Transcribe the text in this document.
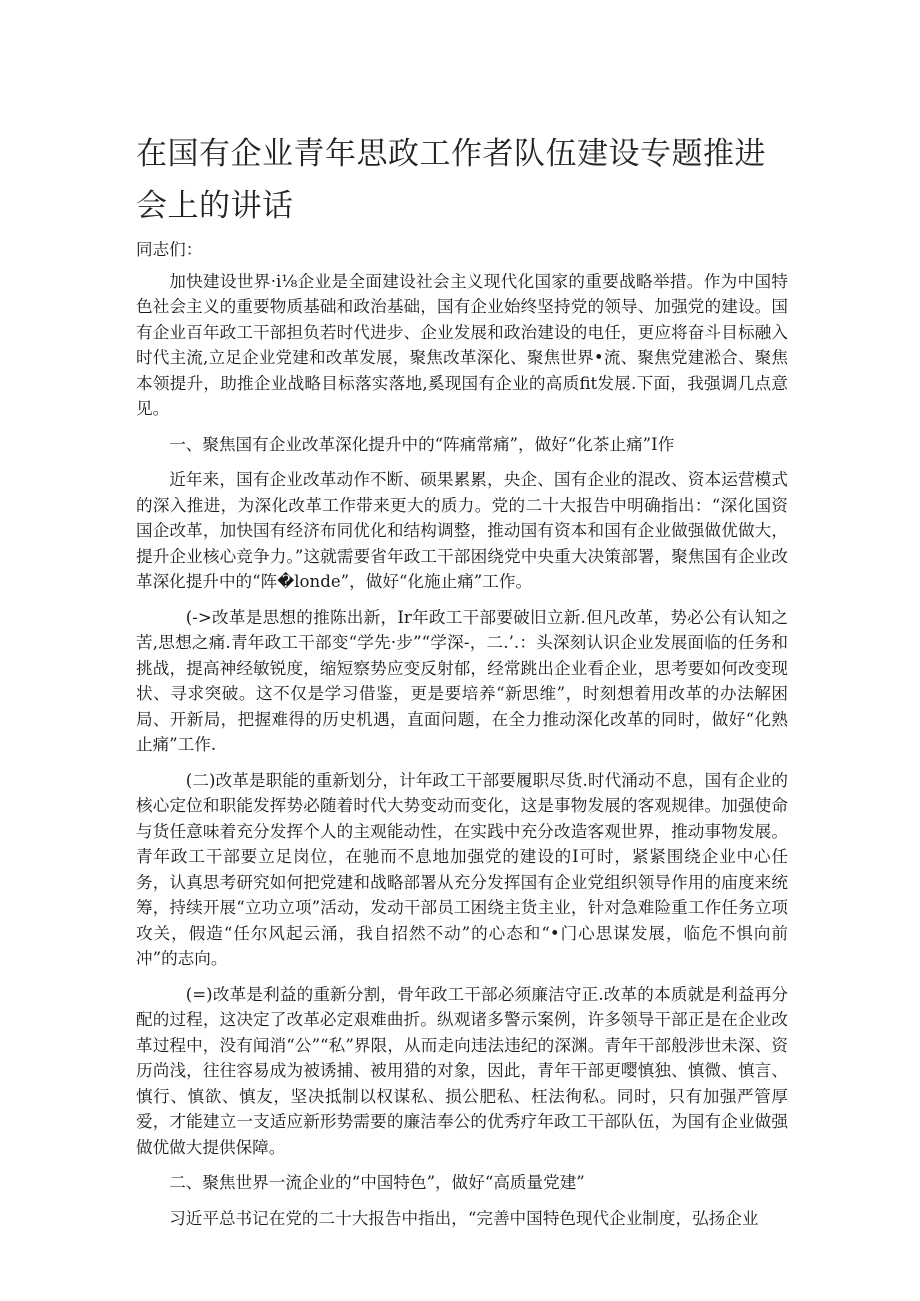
在国有企业青年思政工作者队伍建设专题推进会上的讲话

同志们：

加快建设世界·i⅛企业是全面建设社会主义现代化国家的重要战略举措。作为中国特色社会主义的重要物质基础和政治基础，国有企业始终坚持党的领导、加强党的建设。国有企业百年政工干部担负若时代进步、企业发展和政治建设的电任，更应将奋斗目标融入时代主流,立足企业党建和改革发展，聚焦改革深化、聚焦世界•流、聚焦党建淞合、聚焦本领提升，助推企业战略目标落实落地,奚现国有企业的高质fit发展.下面，我强调几点意见。

一、聚焦国有企业改革深化提升中的“阵痛常痛”，做好“化茶止痛”I作

近年来，国有企业改革动作不断、硕果累累，央企、国有企业的混改、资本运营模式的深入推进，为深化改革工作带来更大的质力。党的二十大报告中明确指出：“深化国资国企改革，加快国有经济布同优化和结构调整，推动国有资本和国有企业做强做优做大，提升企业核心竞争力。”这就需要省年政工干部困绕党中央重大决策部署，聚焦国有企业改革深化提升中的“阵�londe”，做好“化施止痛”工作。

(->改革是思想的推陈出新，Ir年政工干部要破旧立新.但凡改革，势必公有认知之苦,思想之痛.青年政工干部变“学先·步”“学深-，二.’.：头深刻认识企业发展面临的任务和挑战，提高神经敏锐度，缩短察势应变反射郁，经常跳出企业看企业，思考要如何改变现状、寻求突破。这不仅是学习借鉴，更是要培养“新思维”，时刻想着用改革的办法解困局、开新局，把握难得的历史机遇，直面问题，在全力推动深化改革的同时，做好“化熟止痛”工作.

(二)改革是职能的重新划分，计年政工干部要履职尽货.时代涌动不息，国有企业的核心定位和职能发挥势必随着时代大势变动而变化，这是事物发展的客观规律。加强使命与货任意味着充分发挥个人的主观能动性，在实践中充分改造客观世界，推动事物发展。青年政工干部要立足岗位，在驰而不息地加强党的建设的I可时，紧紧围绕企业中心任务，认真思考研究如何把党建和战略部署从充分发挥国有企业党组织领导作用的庙度来统筹，持续开展“立功立项”活动，发动干部员工困绕主货主业，针对急难险重工作任务立项攻关，假造“任尔风起云涌，我自招然不动”的心态和“•门心思谋发展，临危不惧向前冲”的志向。

(=)改革是利益的重新分割，骨年政工干部必须廉洁守正.改革的本质就是利益再分配的过程，这决定了改革必定艰难曲折。纵观诸多警示案例，许多领导干部正是在企业改革过程中，没有闻消“公”“私”界限，从而走向违法违纪的深渊。青年干部般涉世未深、资历尚浅，往往容易成为被诱捕、被用猎的对象，因此，青年干部更嘤慎独、慎微、慎言、慎行、慎欲、慎友，坚决抵制以权谋私、损公肥私、枉法徇私。同时，只有加强严管厚爱，才能建立一支适应新形势需要的廉洁奉公的优秀疗年政工干部队伍，为国有企业做强做优做大提供保障。

二、聚焦世界一流企业的“中国特色”，做好“高质量党建”

习近平总书记在党的二十大报告中指出，“完善中国特色现代企业制度，弘扬企业
